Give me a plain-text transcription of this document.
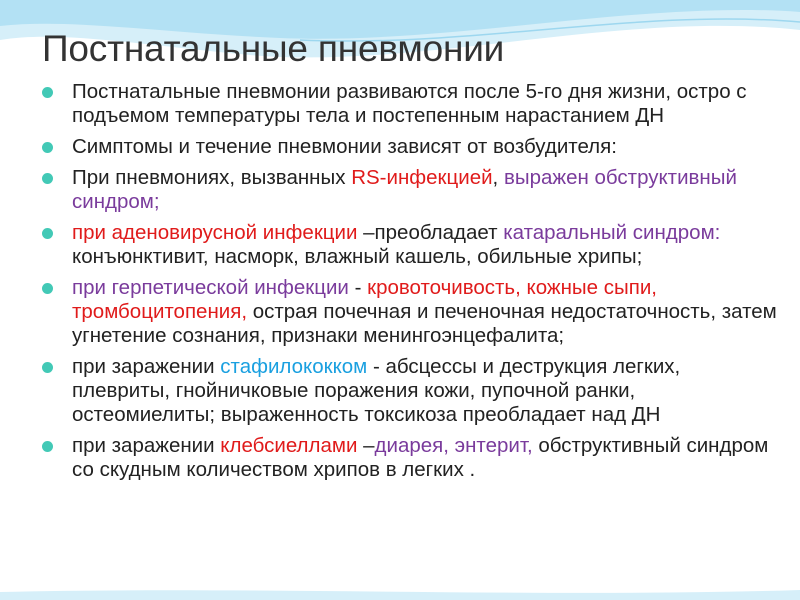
Постнатальные пневмонии
Постнатальные пневмонии развиваются после 5-го дня жизни, остро с подъемом температуры тела и постепенным нарастанием ДН
Симптомы и течение пневмонии зависят от возбудителя:
При пневмониях, вызванных RS-инфекцией, выражен обструктивный синдром;
при аденовирусной инфекции –преобладает катаральный синдром: конъюнктивит, насморк, влажный кашель, обильные хрипы;
при герпетической инфекции - кровоточивость, кожные сыпи, тромбоцитопения, острая почечная и печеночная недостаточность, затем угнетение сознания, признаки менингоэнцефалита;
при заражении стафилококком - абсцессы и деструкция легких, плевриты, гнойничковые поражения кожи, пупочной ранки, остеомиелиты; выраженность токсикоза преобладает над ДН
при заражении клебсиеллами –диарея, энтерит, обструктивный синдром со скудным количеством хрипов в легких .
